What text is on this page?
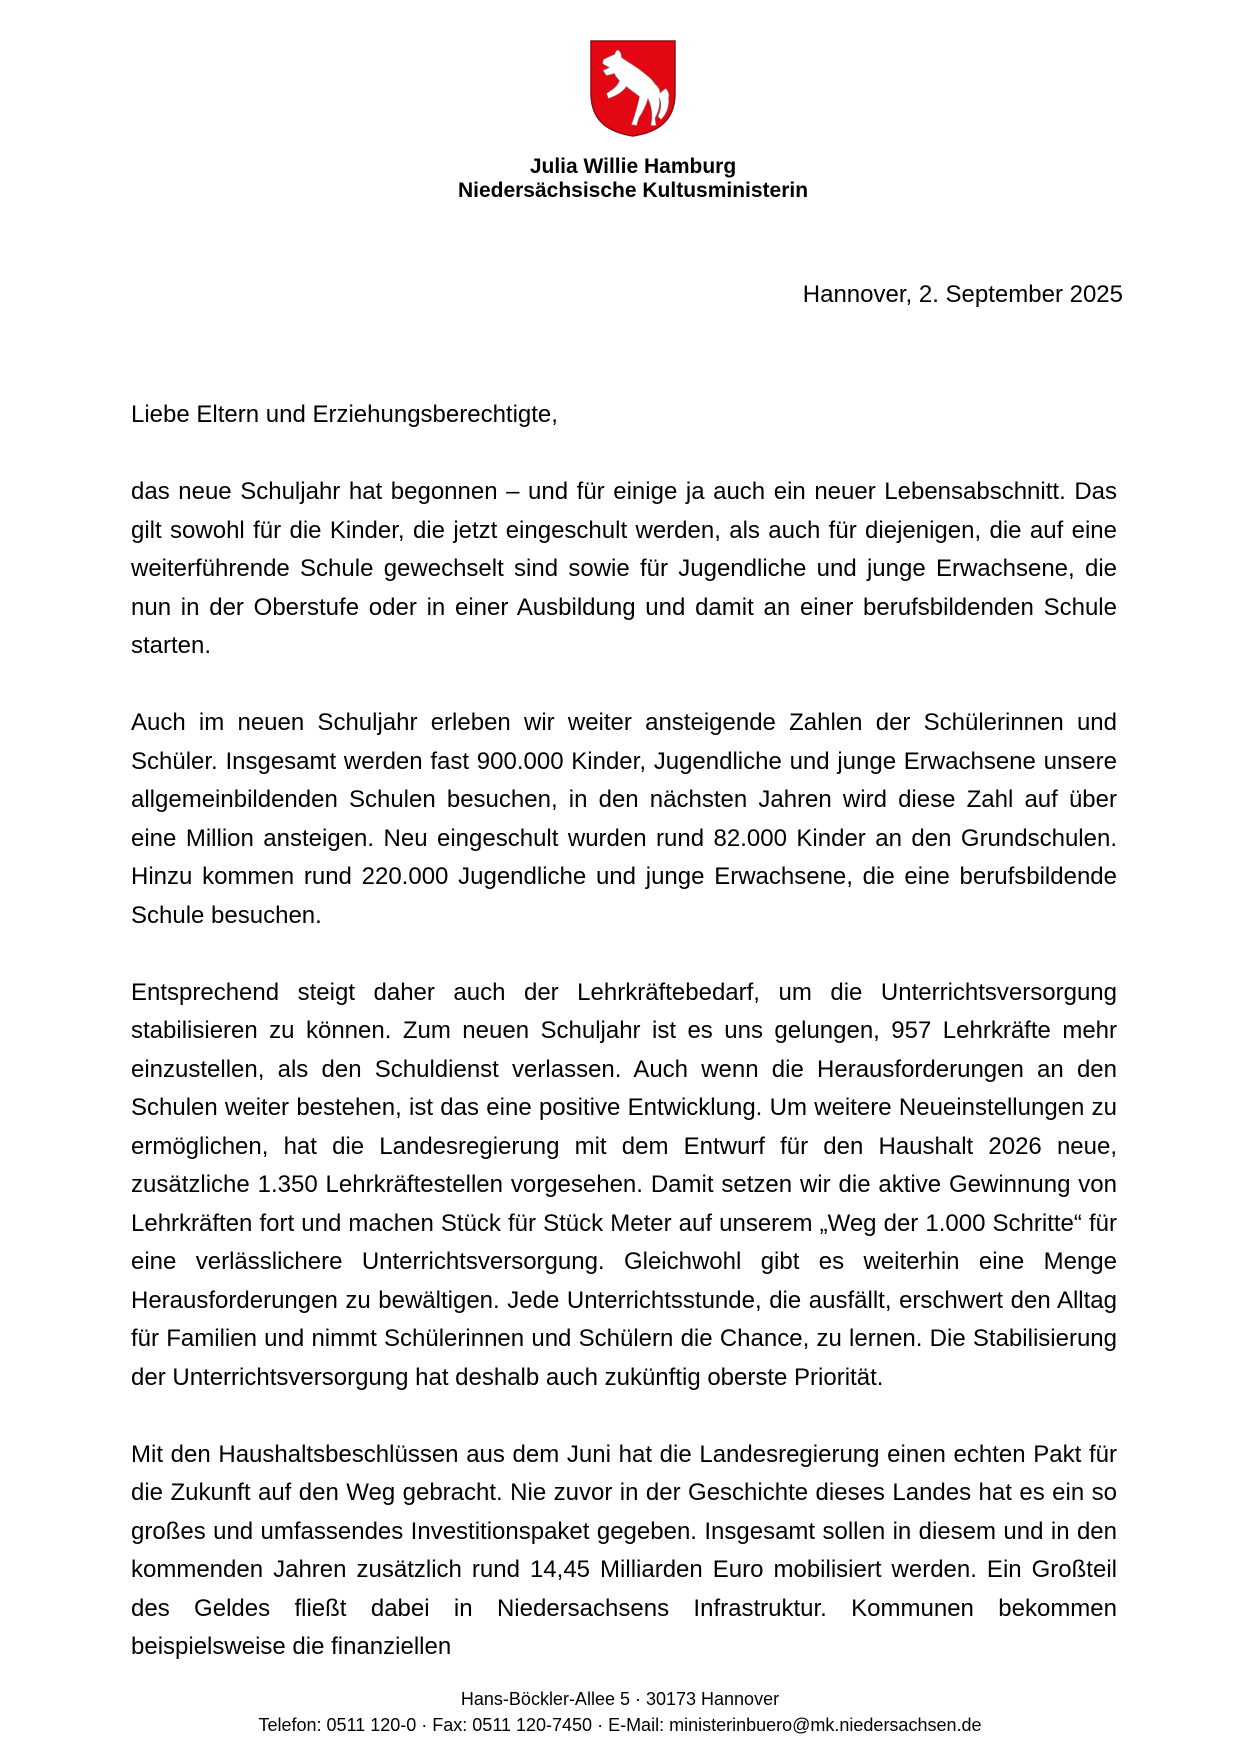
Julia Willie Hamburg
Niedersächsische Kultusministerin
Hannover, 2. September 2025

Liebe Eltern und Erziehungsberechtigte,

das neue Schuljahr hat begonnen – und für einige ja auch ein neuer Lebensabschnitt. Das gilt sowohl für die Kinder, die jetzt eingeschult werden, als auch für diejenigen, die auf eine weiterführende Schule gewechselt sind sowie für Jugendliche und junge Erwachsene, die nun in der Oberstufe oder in einer Ausbildung und damit an einer berufsbildenden Schule starten.

Auch im neuen Schuljahr erleben wir weiter ansteigende Zahlen der Schülerinnen und Schüler. Insgesamt werden fast 900.000 Kinder, Jugendliche und junge Erwachsene unsere allgemeinbildenden Schulen besuchen, in den nächsten Jahren wird diese Zahl auf über eine Million ansteigen. Neu eingeschult wurden rund 82.000 Kinder an den Grundschulen. Hinzu kommen rund 220.000 Jugendliche und junge Erwachsene, die eine berufsbildende Schule besuchen.

Entsprechend steigt daher auch der Lehrkräftebedarf, um die Unterrichtsversorgung stabilisieren zu können. Zum neuen Schuljahr ist es uns gelungen, 957 Lehrkräfte mehr einzustellen, als den Schuldienst verlassen. Auch wenn die Herausforderungen an den Schulen weiter bestehen, ist das eine positive Entwicklung. Um weitere Neueinstellungen zu ermöglichen, hat die Landesregierung mit dem Entwurf für den Haushalt 2026 neue, zusätzliche 1.350 Lehrkräftestellen vorgesehen. Damit setzen wir die aktive Gewinnung von Lehrkräften fort und machen Stück für Stück Meter auf unserem „Weg der 1.000 Schritte“ für eine verlässlichere Unterrichtsversorgung. Gleichwohl gibt es weiterhin eine Menge Herausforderungen zu bewältigen. Jede Unterrichtsstunde, die ausfällt, erschwert den Alltag für Familien und nimmt Schülerinnen und Schülern die Chance, zu lernen. Die Stabilisierung der Unterrichtsversorgung hat deshalb auch zukünftig oberste Priorität.

Mit den Haushaltsbeschlüssen aus dem Juni hat die Landesregierung einen echten Pakt für die Zukunft auf den Weg gebracht. Nie zuvor in der Geschichte dieses Landes hat es ein so großes und umfassendes Investitionspaket gegeben. Insgesamt sollen in diesem und in den kommenden Jahren zusätzlich rund 14,45 Milliarden Euro mobilisiert werden. Ein Großteil des Geldes fließt dabei in Niedersachsens Infrastruktur. Kommunen bekommen beispielsweise die finanziellen

Hans-Böckler-Allee 5 · 30173 Hannover
Telefon: 0511 120-0 · Fax: 0511 120-7450 · E-Mail: ministerinbuero@mk.niedersachsen.de
